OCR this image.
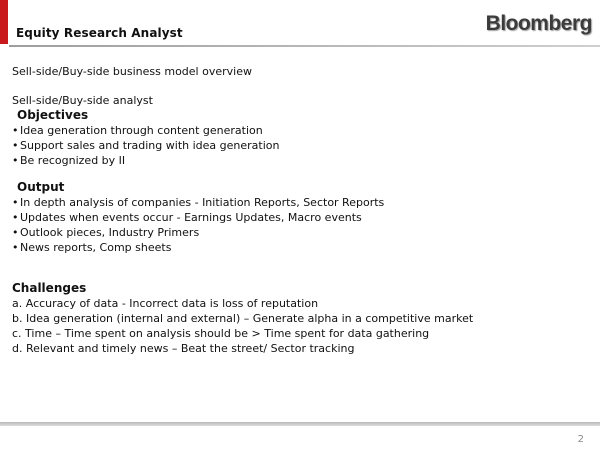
Equity Research Analyst	Bloomberg
Sell-side/Buy-side business model overview
Sell-side/Buy-side analyst
Objectives
• Idea generation through content generation
• Support sales and trading with idea generation
• Be recognized by II
Output
• In depth analysis of companies - Initiation Reports, Sector Reports
• Updates when events occur - Earnings Updates, Macro events
• Outlook pieces, Industry Primers
• News reports, Comp sheets
Challenges
a. Accuracy of data - Incorrect data is loss of reputation
b. Idea generation (internal and external) – Generate alpha in a competitive market
c. Time – Time spent on analysis should be > Time spent for data gathering
d. Relevant and timely news – Beat the street/ Sector tracking
2
